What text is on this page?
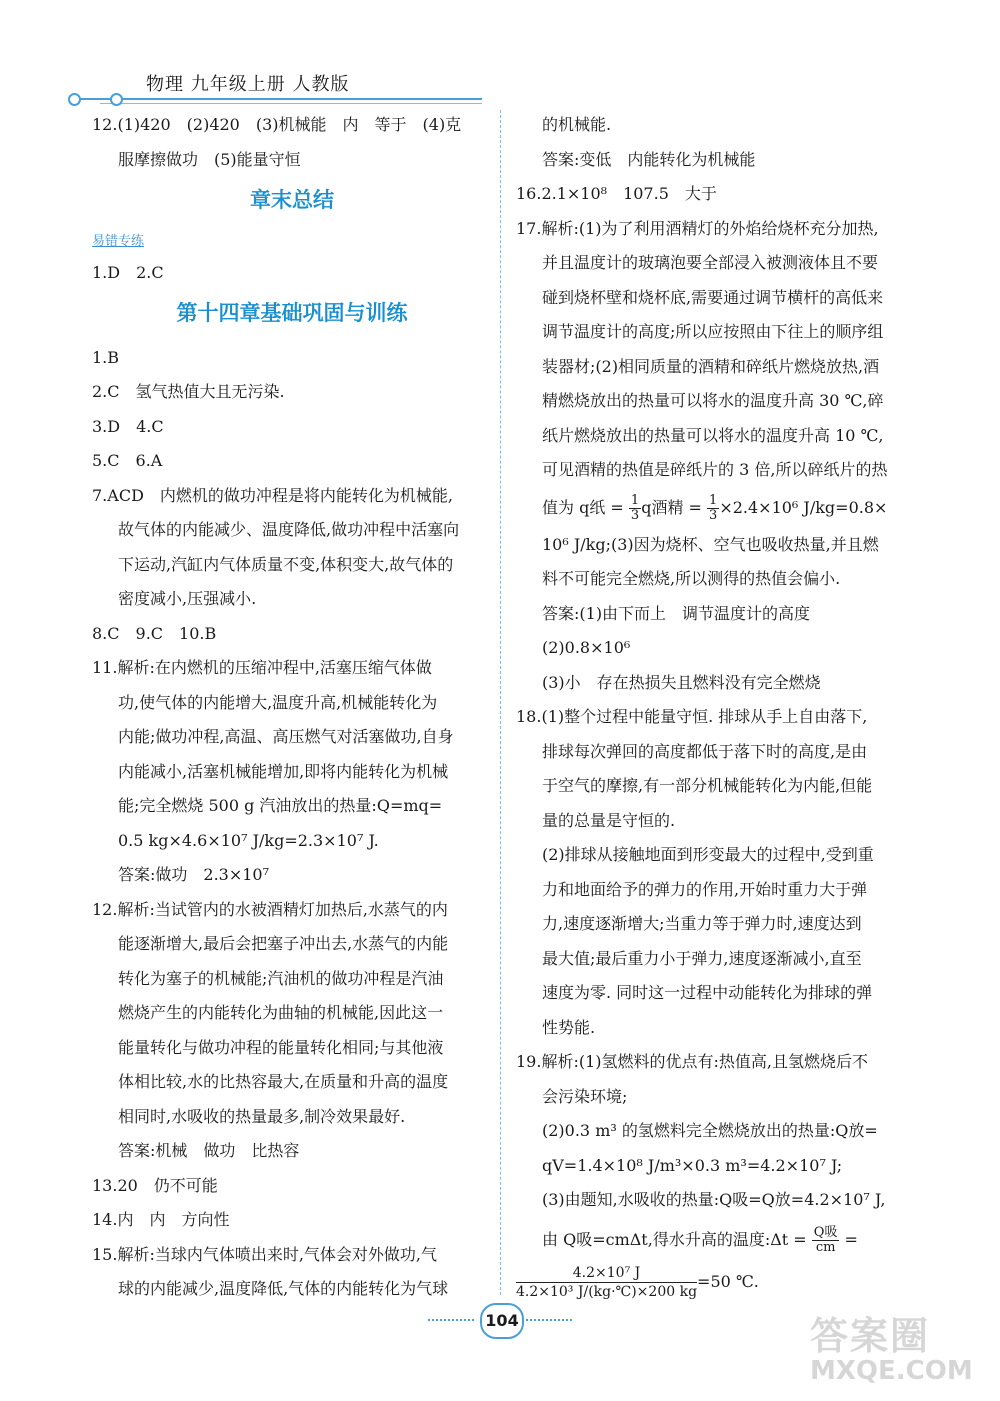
物理 九年级上册 人教版
12.(1)420　(2)420　(3)机械能　内　等于　(4)克
服摩擦做功　(5)能量守恒
章末总结
易错专练
1.D　2.C
第十四章基础巩固与训练
1.B
2.C　氢气热值大且无污染.
3.D　4.C
5.C　6.A
7.ACD　内燃机的做功冲程是将内能转化为机械能,
故气体的内能减少、温度降低,做功冲程中活塞向
下运动,汽缸内气体质量不变,体积变大,故气体的
密度减小,压强减小.
8.C　9.C　10.B
11.解析:在内燃机的压缩冲程中,活塞压缩气体做
功,使气体的内能增大,温度升高,机械能转化为
内能;做功冲程,高温、高压燃气对活塞做功,自身
内能减小,活塞机械能增加,即将内能转化为机械
能;完全燃烧 500 g 汽油放出的热量:Q=mq=
0.5 kg×4.6×10⁷ J/kg=2.3×10⁷ J.
答案:做功　2.3×10⁷
12.解析:当试管内的水被酒精灯加热后,水蒸气的内
能逐渐增大,最后会把塞子冲出去,水蒸气的内能
转化为塞子的机械能;汽油机的做功冲程是汽油
燃烧产生的内能转化为曲轴的机械能,因此这一
能量转化与做功冲程的能量转化相同;与其他液
体相比较,水的比热容最大,在质量和升高的温度
相同时,水吸收的热量最多,制冷效果最好.
答案:机械　做功　比热容
13.20　仍不可能
14.内　内　方向性
15.解析:当球内气体喷出来时,气体会对外做功,气
球的内能减少,温度降低,气体的内能转化为气球
的机械能.
答案:变低　内能转化为机械能
16.2.1×10⁸　107.5　大于
17.解析:(1)为了利用酒精灯的外焰给烧杯充分加热,
并且温度计的玻璃泡要全部浸入被测液体且不要
碰到烧杯壁和烧杯底,需要通过调节横杆的高低来
调节温度计的高度;所以应按照由下往上的顺序组
装器材;(2)相同质量的酒精和碎纸片燃烧放热,酒
精燃烧放出的热量可以将水的温度升高 30 ℃,碎
纸片燃烧放出的热量可以将水的温度升高 10 ℃,
可见酒精的热值是碎纸片的 3 倍,所以碎纸片的热
值为 q纸 = $\frac{1}{3}$ q酒精 = $\frac{1}{3} \times 2.4\times 10^6$ J/kg=0.8×
10⁶ J/kg;(3)因为烧杯、空气也吸收热量,并且燃
料不可能完全燃烧,所以测得的热值会偏小.
答案:(1)由下而上　调节温度计的高度
(2)0.8×10⁶
(3)小　存在热损失且燃料没有完全燃烧
18.(1)整个过程中能量守恒. 排球从手上自由落下,
排球每次弹回的高度都低于落下时的高度,是由
于空气的摩擦,有一部分机械能转化为内能,但能
量的总量是守恒的.
(2)排球从接触地面到形变最大的过程中,受到重
力和地面给予的弹力的作用,开始时重力大于弹
力,速度逐渐增大;当重力等于弹力时,速度达到
最大值;最后重力小于弹力,速度逐渐减小,直至
速度为零. 同时这一过程中动能转化为排球的弹
性势能.
19.解析:(1)氢燃料的优点有:热值高,且氢燃烧后不
会污染环境;
(2)0.3 m³ 的氢燃料完全燃烧放出的热量:Q放=
qV=1.4×10⁸ J/m³×0.3 m³=4.2×10⁷ J;
(3)由题知,水吸收的热量:Q吸=Q放=4.2×10⁷ J,
由 Q吸=cmΔt,得水升高的温度:Δt = $\frac{\text{Q吸}}{cm}$ =
$\frac{\text{4.2×10⁷ J}}{\text{4.2×10³ J/(kg·℃)×200 kg}} =50$ ℃.
104	答案圈
MXQE.COM
